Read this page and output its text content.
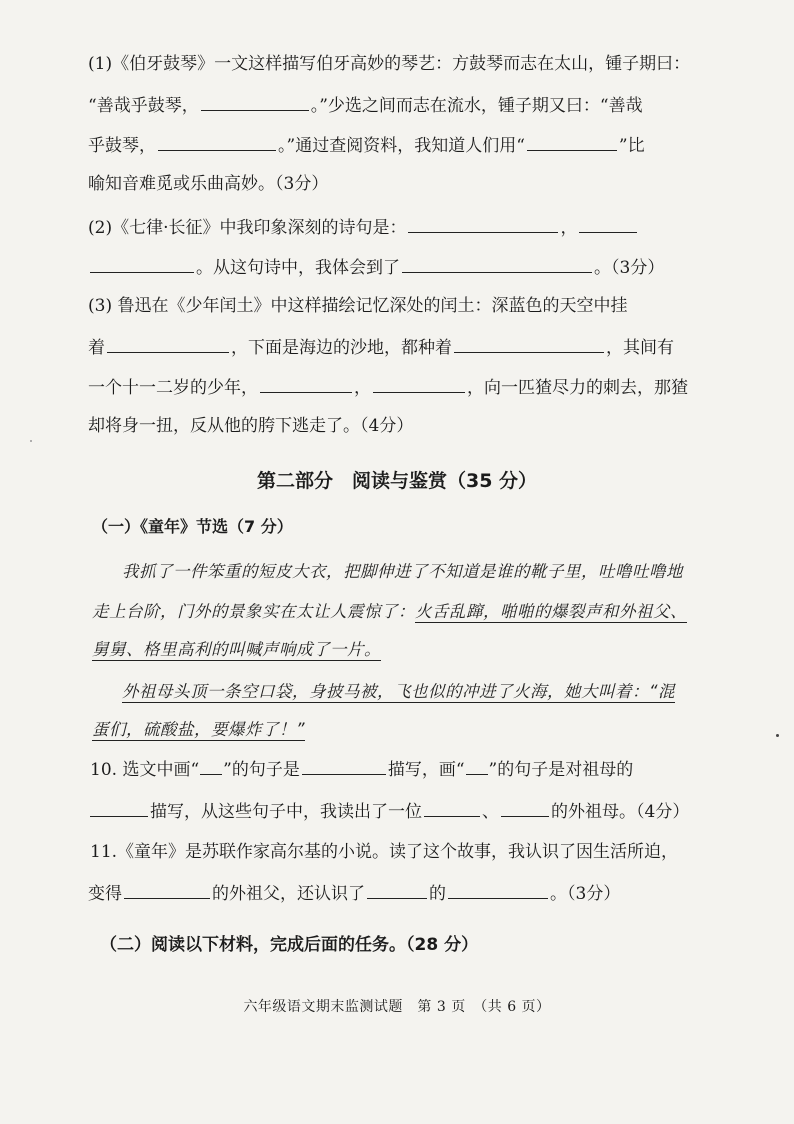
(1)《伯牙鼓琴》一文这样描写伯牙高妙的琴艺：方鼓琴而志在太山，锺子期曰：
“善哉乎鼓琴，	。”少选之间而志在流水，锺子期又曰：“善哉
乎鼓琴，	。”通过查阅资料，我知道人们用“	”比
喻知音难觅或乐曲高妙。（3分）
(2)《七律·长征》中我印象深刻的诗句是：	，
。从这句诗中，我体会到了	。（3分）
(3) 鲁迅在《少年闰土》中这样描绘记忆深处的闰土：深蓝色的天空中挂
着	，下面是海边的沙地，都种着	，其间有
一个十一二岁的少年，	，	，向一匹猹尽力的刺去，那猹
却将身一扭，反从他的胯下逃走了。（4分）
第二部分　阅读与鉴赏（35 分）
（一）《童年》节选（7 分）
我抓了一件笨重的短皮大衣，把脚伸进了不知道是谁的靴子里，吐噜吐噜地
走上台阶，门外的景象实在太让人震惊了：火舌乱蹿，啪啪的爆裂声和外祖父、
舅舅、格里高利的叫喊声响成了一片。
外祖母头顶一条空口袋，身披马被，飞也似的冲进了火海，她大叫着：“混
蛋们，硫酸盐，要爆炸了！”
10. 选文中画“ ”的句子是	描写，画“ ”的句子是对祖母的
描写，从这些句子中，我读出了一位	、	的外祖母。（4分）
11.《童年》是苏联作家高尔基的小说。读了这个故事，我认识了因生活所迫，
变得	的外祖父，还认识了	的	。（3分）
（二）阅读以下材料，完成后面的任务。（28 分）
六年级语文期末监测试题　第 3 页　（共 6 页）
